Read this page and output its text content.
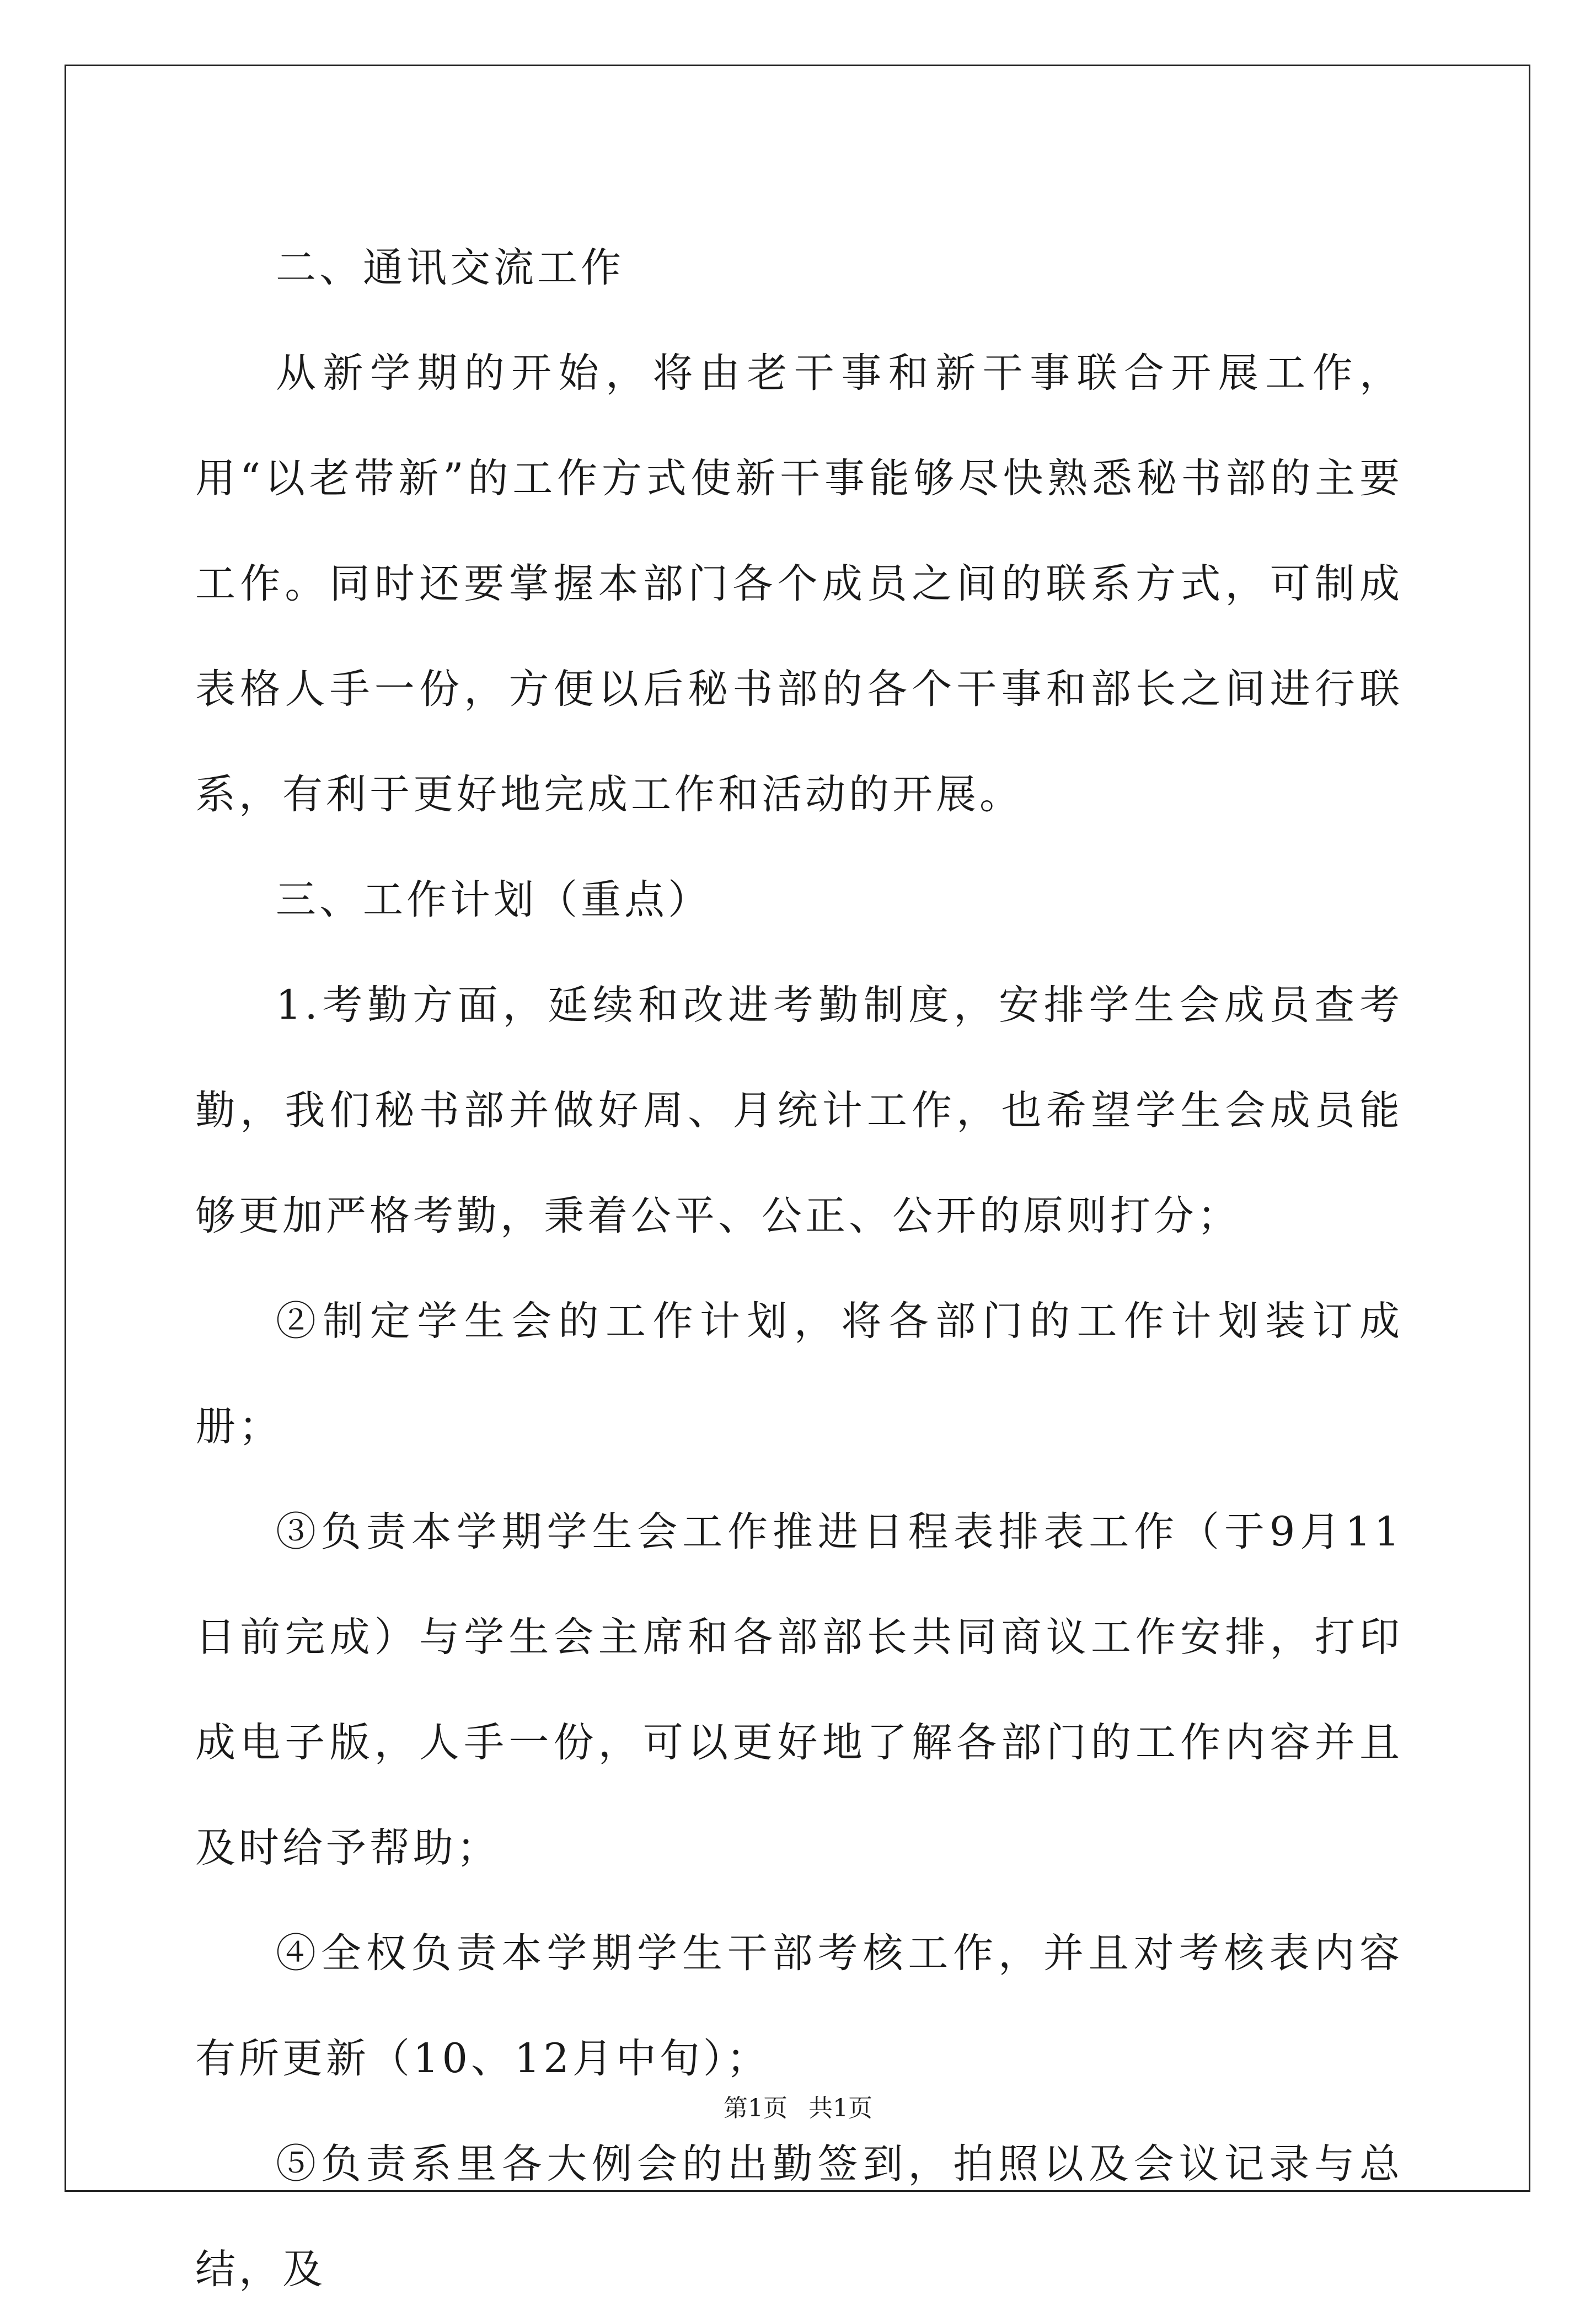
二、通讯交流工作

从新学期的开始，将由老干事和新干事联合开展工作，用“以老带新”的工作方式使新干事能够尽快熟悉秘书部的主要工作。同时还要掌握本部门各个成员之间的联系方式，可制成表格人手一份，方便以后秘书部的各个干事和部长之间进行联系，有利于更好地完成工作和活动的开展。

三、工作计划（重点）

1.考勤方面，延续和改进考勤制度，安排学生会成员查考勤，我们秘书部并做好周、月统计工作，也希望学生会成员能够更加严格考勤，秉着公平、公正、公开的原则打分；

②制定学生会的工作计划，将各部门的工作计划装订成册；

③负责本学期学生会工作推进日程表排表工作（于9月11日前完成）与学生会主席和各部部长共同商议工作安排，打印成电子版，人手一份，可以更好地了解各部门的工作内容并且及时给予帮助；

④全权负责本学期学生干部考核工作，并且对考核表内容有所更新（10、12月中旬）；

⑤负责系里各大例会的出勤签到，拍照以及会议记录与总结，及

第1页 共1页
